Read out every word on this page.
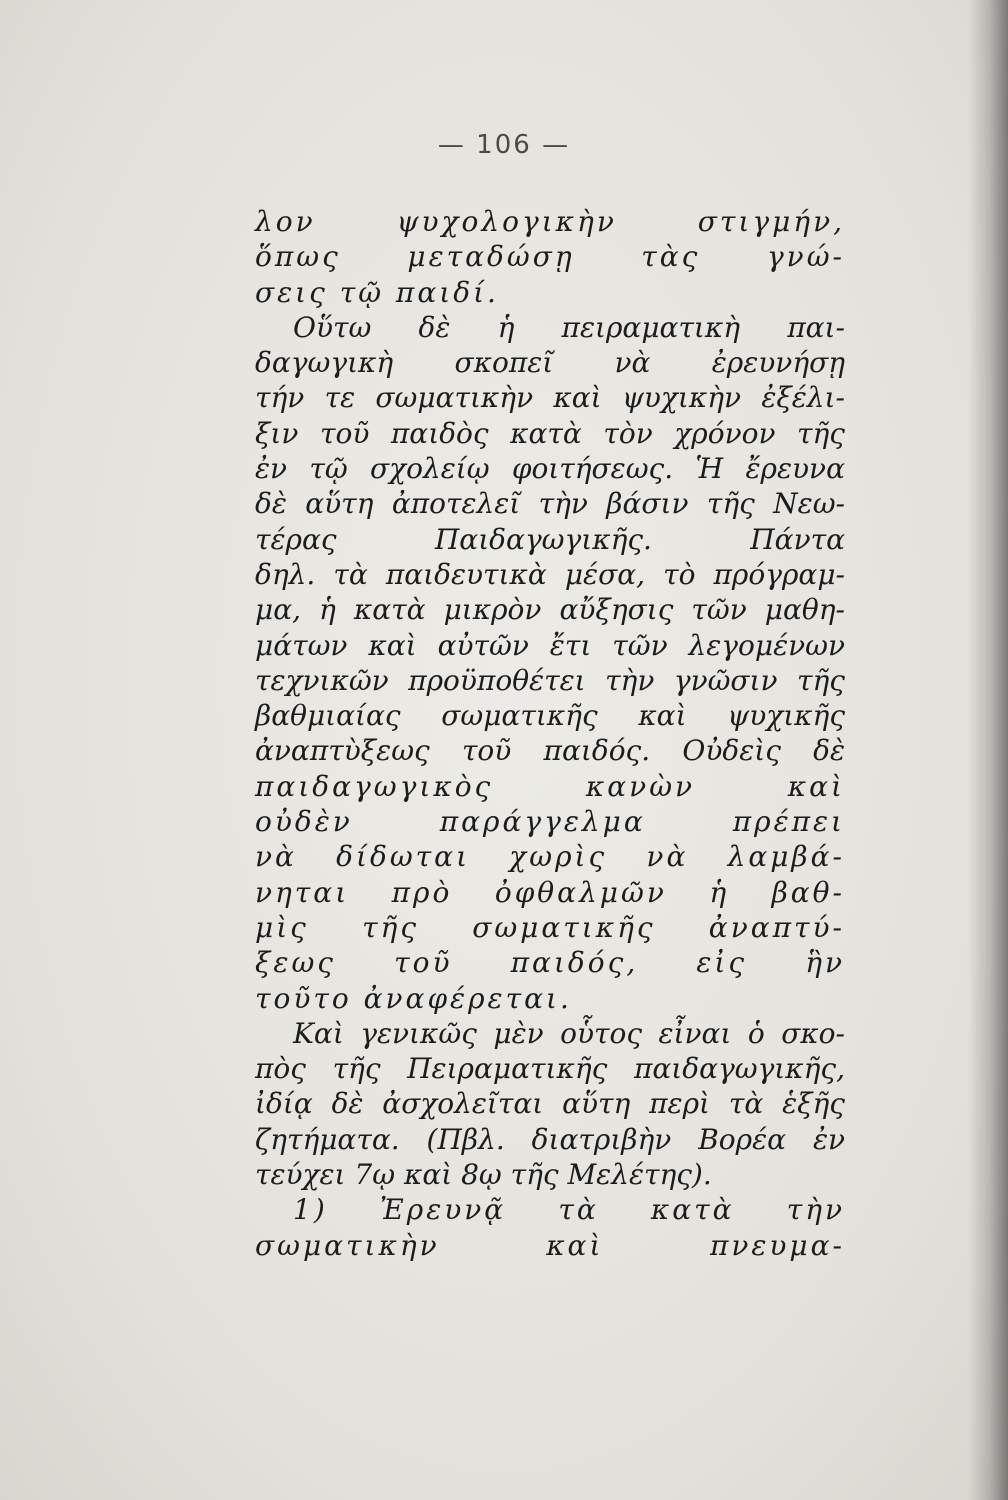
— 106 —
λον ψυχολογικὴν στιγμήν,
ὅπως μεταδώσῃ τὰς γνώ-
σεις τῷ παιδί.
Οὕτω δὲ ἡ πειραματικὴ παι-
δαγωγικὴ σκοπεῖ νὰ ἐρευνήσῃ
τήν τε σωματικὴν καὶ ψυχικὴν ἐξέλι-
ξιν τοῦ παιδὸς κατὰ τὸν χρόνον τῆς
ἐν τῷ σχολείῳ φοιτήσεως. Ἡ ἔρευνα
δὲ αὕτη ἀποτελεῖ τὴν βάσιν τῆς Νεω-
τέρας Παιδαγωγικῆς. Πάντα
δηλ. τὰ παιδευτικὰ μέσα, τὸ πρόγραμ-
μα, ἡ κατὰ μικρὸν αὔξησις τῶν μαθη-
μάτων καὶ αὐτῶν ἔτι τῶν λεγομένων
τεχνικῶν προϋποθέτει τὴν γνῶσιν τῆς
βαθμιαίας σωματικῆς καὶ ψυχικῆς
ἀναπτὺξεως τοῦ παιδός. Οὐδεὶς δὲ
παιδαγωγικὸς κανὼν καὶ
οὐδὲν παράγγελμα πρέπει
νὰ δίδωται χωρὶς νὰ λαμβά-
νηται πρὸ ὀφθαλμῶν ἡ βαθ-
μὶς τῆς σωματικῆς ἀναπτύ-
ξεως τοῦ παιδός, εἰς ἣν
τοῦτο ἀναφέρεται.
Καὶ γενικῶς μὲν οὗτος εἶναι ὁ σκο-
πὸς τῆς Πειραματικῆς παιδαγωγικῆς,
ἰδίᾳ δὲ ἀσχολεῖται αὕτη περὶ τὰ ἑξῆς
ζητήματα. (Πβλ. διατριβὴν Βορέα ἐν
τεύχει 7ῳ καὶ 8ῳ τῆς Μελέτης).
1) Ἐρευνᾷ τὰ κατὰ τὴν
σωματικὴν καὶ πνευμα-
